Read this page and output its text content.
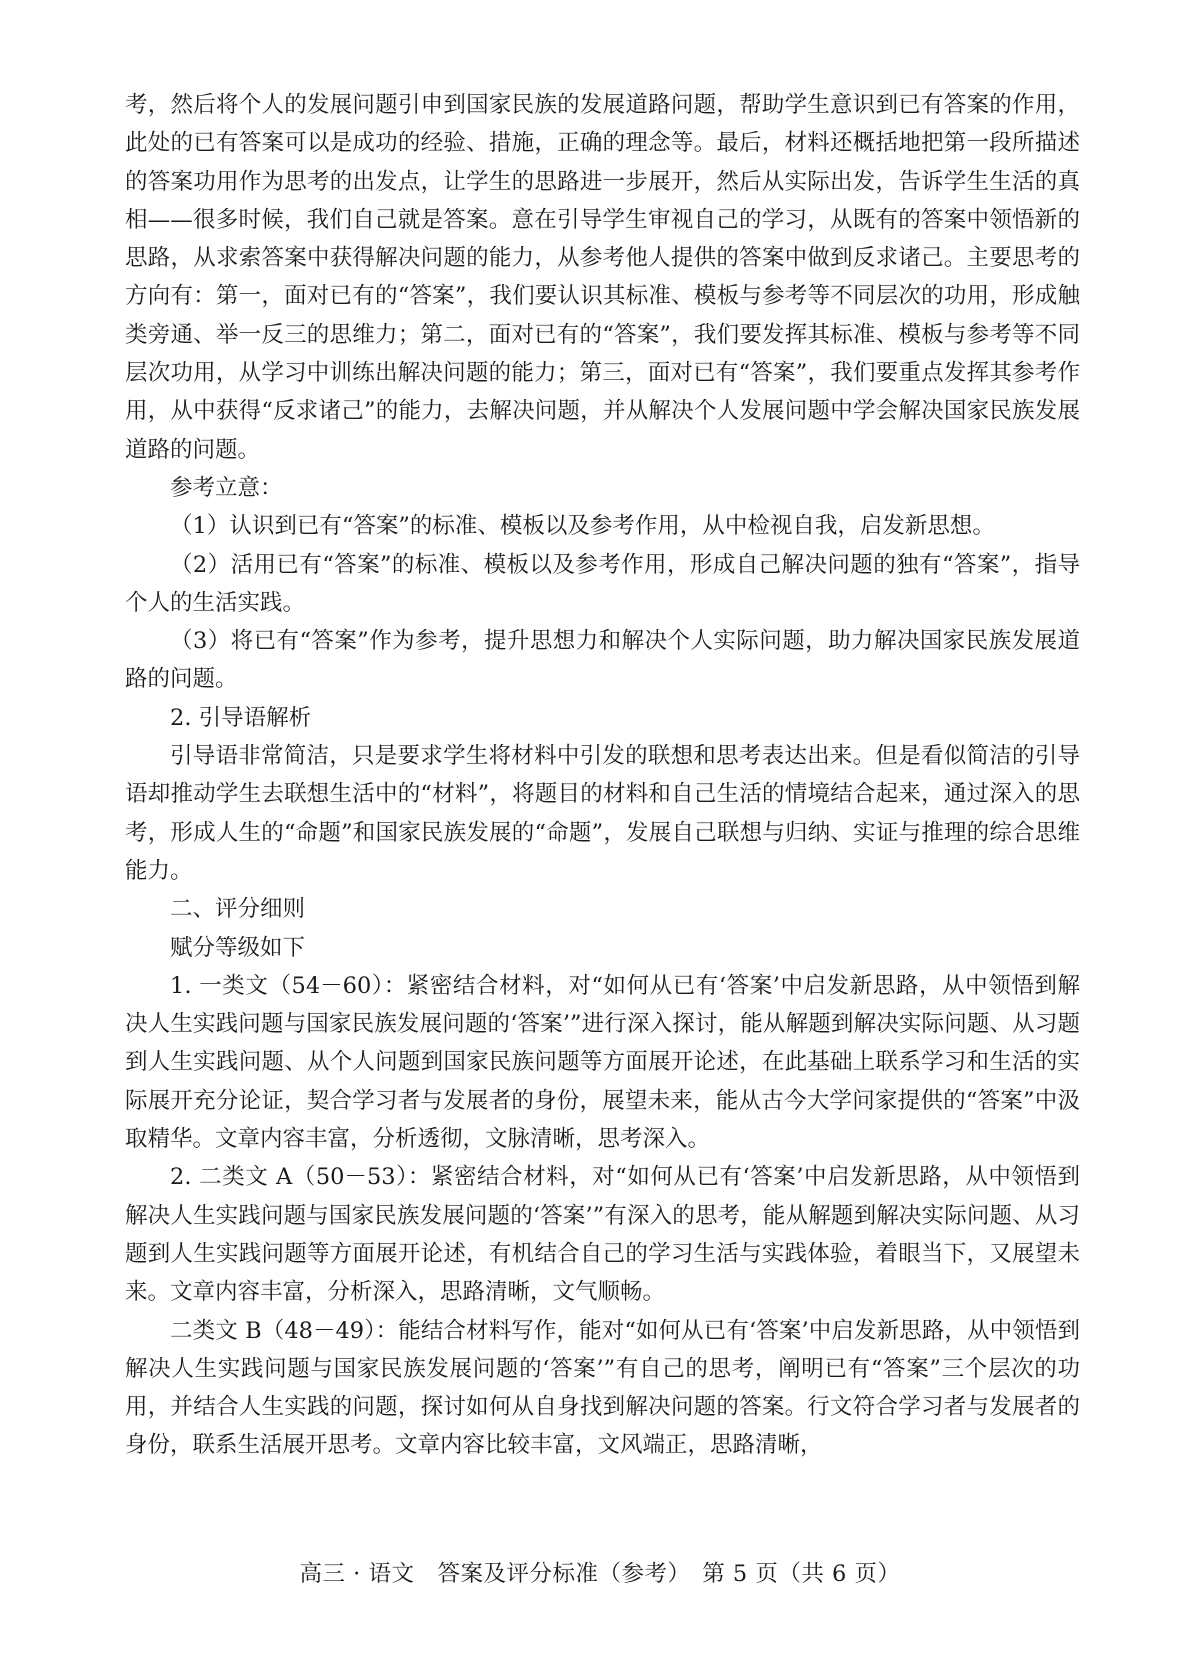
考，然后将个人的发展问题引申到国家民族的发展道路问题，帮助学生意识到已有答案的作用，此处的已有答案可以是成功的经验、措施，正确的理念等。最后，材料还概括地把第一段所描述的答案功用作为思考的出发点，让学生的思路进一步展开，然后从实际出发，告诉学生生活的真相——很多时候，我们自己就是答案。意在引导学生审视自己的学习，从既有的答案中领悟新的思路，从求索答案中获得解决问题的能力，从参考他人提供的答案中做到反求诸己。主要思考的方向有：第一，面对已有的“答案”，我们要认识其标准、模板与参考等不同层次的功用，形成触类旁通、举一反三的思维力；第二，面对已有的“答案”，我们要发挥其标准、模板与参考等不同层次功用，从学习中训练出解决问题的能力；第三，面对已有“答案”，我们要重点发挥其参考作用，从中获得“反求诸己”的能力，去解决问题，并从解决个人发展问题中学会解决国家民族发展道路的问题。

参考立意：

（1）认识到已有“答案”的标准、模板以及参考作用，从中检视自我，启发新思想。

（2）活用已有“答案”的标准、模板以及参考作用，形成自己解决问题的独有“答案”，指导个人的生活实践。

（3）将已有“答案”作为参考，提升思想力和解决个人实际问题，助力解决国家民族发展道路的问题。

2. 引导语解析

引导语非常简洁，只是要求学生将材料中引发的联想和思考表达出来。但是看似简洁的引导语却推动学生去联想生活中的“材料”，将题目的材料和自己生活的情境结合起来，通过深入的思考，形成人生的“命题”和国家民族发展的“命题”，发展自己联想与归纳、实证与推理的综合思维能力。

二、评分细则

赋分等级如下

1. 一类文（54－60）：紧密结合材料，对“如何从已有‘答案’中启发新思路，从中领悟到解决人生实践问题与国家民族发展问题的‘答案’”进行深入探讨，能从解题到解决实际问题、从习题到人生实践问题、从个人问题到国家民族问题等方面展开论述，在此基础上联系学习和生活的实际展开充分论证，契合学习者与发展者的身份，展望未来，能从古今大学问家提供的“答案”中汲取精华。文章内容丰富，分析透彻，文脉清晰，思考深入。

2. 二类文 A（50－53）：紧密结合材料，对“如何从已有‘答案’中启发新思路，从中领悟到解决人生实践问题与国家民族发展问题的‘答案’”有深入的思考，能从解题到解决实际问题、从习题到人生实践问题等方面展开论述，有机结合自己的学习生活与实践体验，着眼当下，又展望未来。文章内容丰富，分析深入，思路清晰，文气顺畅。

二类文 B（48－49）：能结合材料写作，能对“如何从已有‘答案’中启发新思路，从中领悟到解决人生实践问题与国家民族发展问题的‘答案’”有自己的思考，阐明已有“答案”三个层次的功用，并结合人生实践的问题，探讨如何从自身找到解决问题的答案。行文符合学习者与发展者的身份，联系生活展开思考。文章内容比较丰富，文风端正，思路清晰，

高三 · 语文　答案及评分标准（参考）　第 5 页（共 6 页）
